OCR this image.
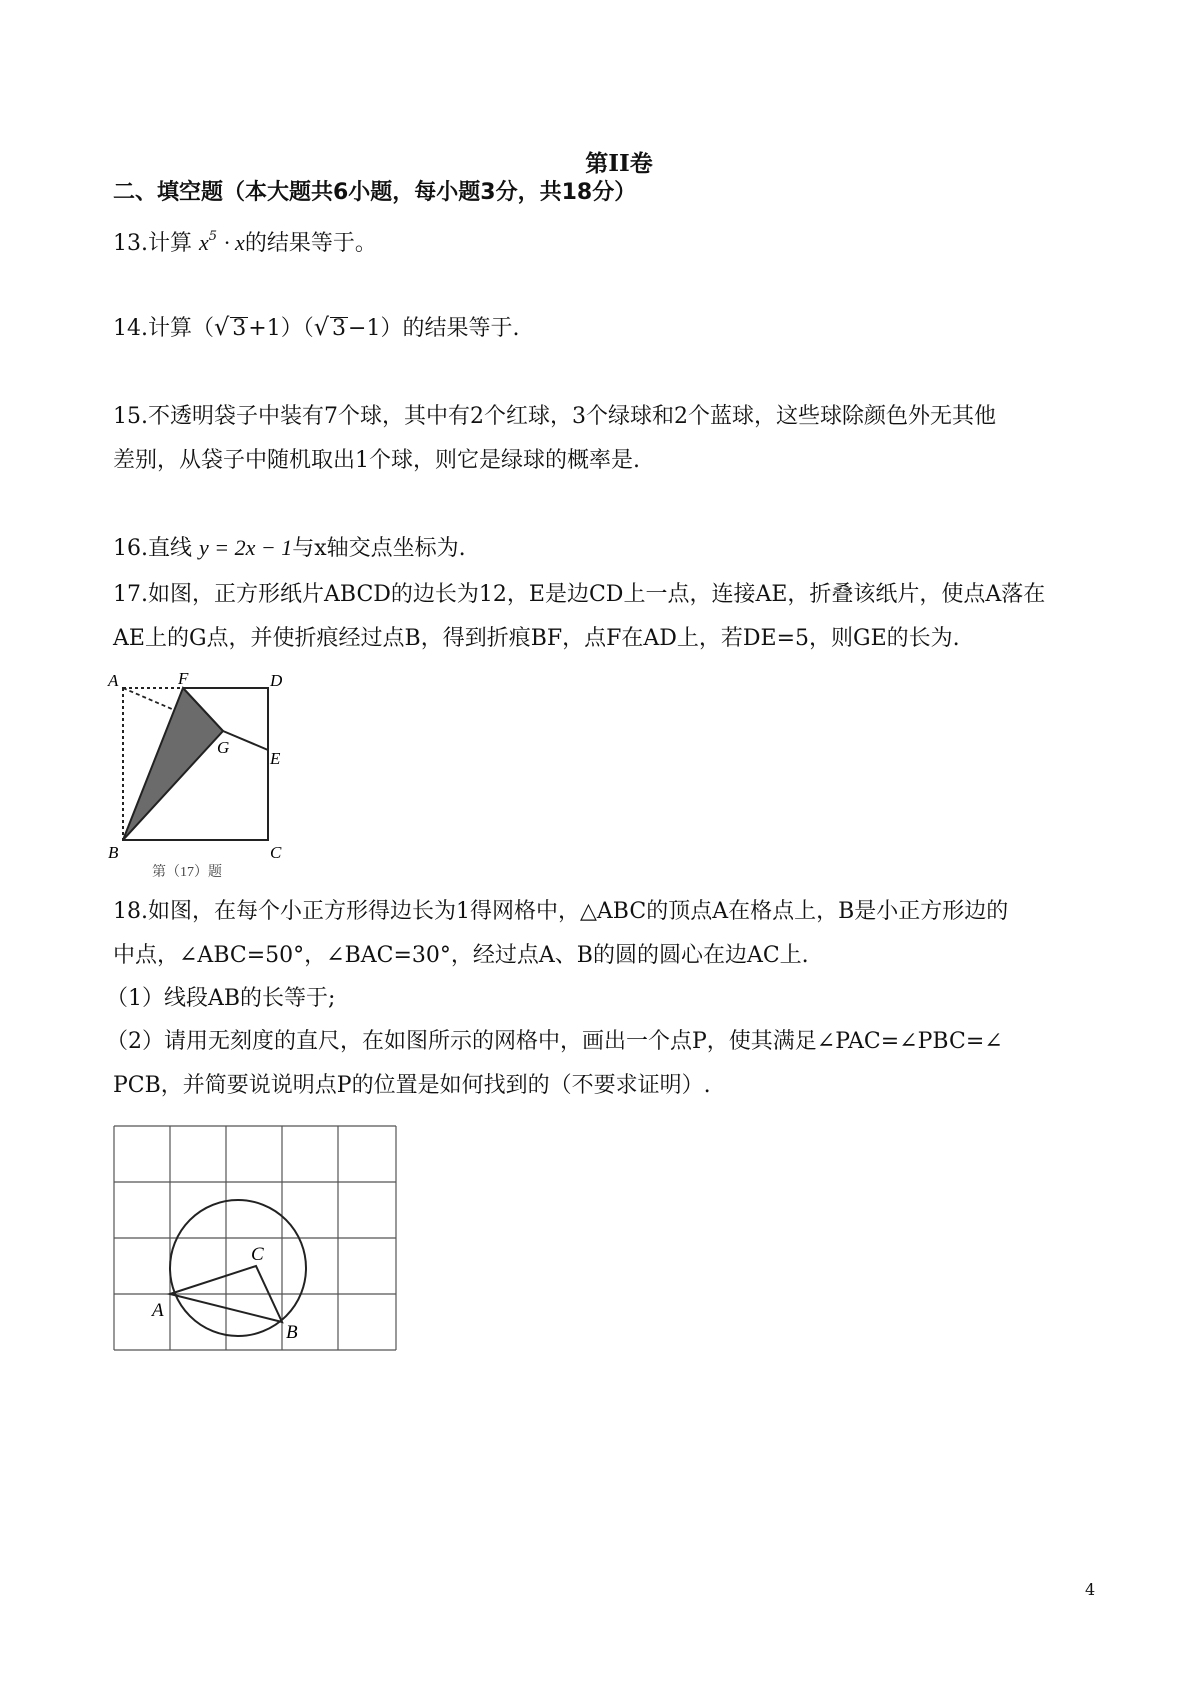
第II卷
二、填空题（本大题共6小题，每小题3分，共18分）
13.计算 $x^5 \cdot x$的结果等于。
14.计算（√ 3+1）（√ 3−1）的结果等于.
15.不透明袋子中装有7个球，其中有2个红球，3个绿球和2个蓝球，这些球除颜色外无其他
差别，从袋子中随机取出1个球，则它是绿球的概率是.
16.直线 y = 2x − 1与x轴交点坐标为.
17.如图，正方形纸片ABCD的边长为12，E是边CD上一点，连接AE，折叠该纸片，使点A落在
AE上的G点，并使折痕经过点B，得到折痕BF，点F在AD上，若DE=5，则GE的长为.
A	F	D
G
E
B	C
第（17）题
18.如图，在每个小正方形得边长为1得网格中，△ABC的顶点A在格点上，B是小正方形边的
中点，∠ABC=50°，∠BAC=30°，经过点A、B的圆的圆心在边AC上.
（1）线段AB的长等于;
（2）请用无刻度的直尺，在如图所示的网格中，画出一个点P，使其满足∠PAC=∠PBC=∠
PCB，并简要说说明点P的位置是如何找到的（不要求证明）.
A
B
C
4
